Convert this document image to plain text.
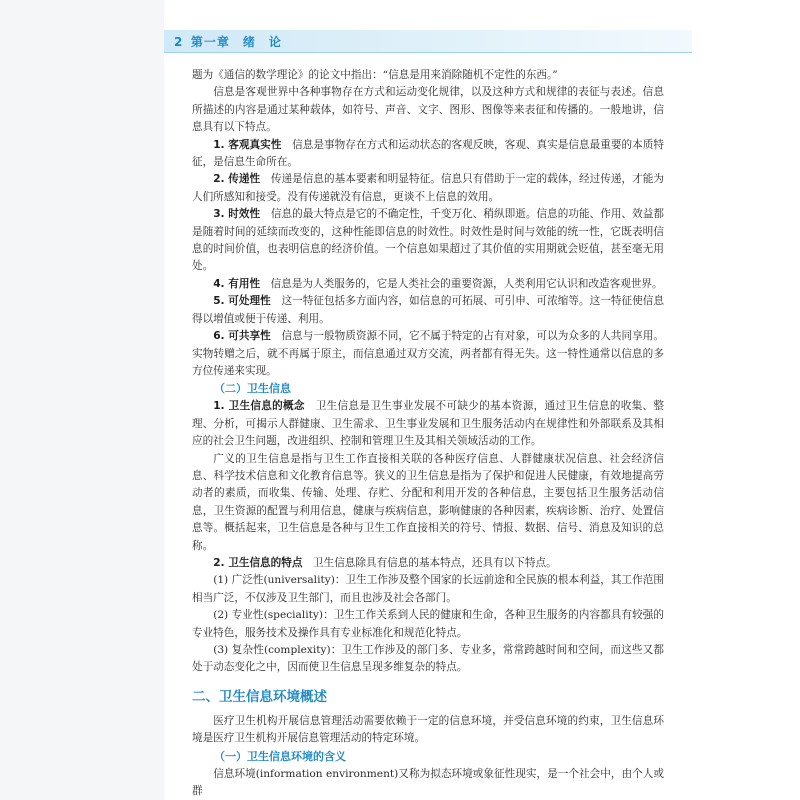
2 第一章　绪　论

题为《通信的数学理论》的论文中指出：“信息是用来消除随机不定性的东西。”

信息是客观世界中各种事物存在方式和运动变化规律，以及这种方式和规律的表征与表述。信息所描述的内容是通过某种载体，如符号、声音、文字、图形、图像等来表征和传播的。一般地讲，信息具有以下特点。

1. 客观真实性　 信息是事物存在方式和运动状态的客观反映，客观、真实是信息最重要的本质特征，是信息生命所在。

2. 传递性　 传递是信息的基本要素和明显特征。信息只有借助于一定的载体，经过传递，才能为人们所感知和接受。没有传递就没有信息，更谈不上信息的效用。

3. 时效性　 信息的最大特点是它的不确定性，千变万化、稍纵即逝。信息的功能、作用、效益都是随着时间的延续而改变的，这种性能即信息的时效性。时效性是时间与效能的统一性，它既表明信息的时间价值，也表明信息的经济价值。一个信息如果超过了其价值的实用期就会贬值，甚至毫无用处。

4. 有用性　 信息是为人类服务的，它是人类社会的重要资源，人类利用它认识和改造客观世界。

5. 可处理性　 这一特征包括多方面内容，如信息的可拓展、可引申、可浓缩等。这一特征使信息得以增值或便于传递、利用。

6. 可共享性　 信息与一般物质资源不同，它不属于特定的占有对象，可以为众多的人共同享用。实物转赠之后，就不再属于原主，而信息通过双方交流，两者都有得无失。这一特性通常以信息的多方位传递来实现。

（二）卫生信息

1. 卫生信息的概念　 卫生信息是卫生事业发展不可缺少的基本资源，通过卫生信息的收集、整理、分析，可揭示人群健康、卫生需求、卫生事业发展和卫生服务活动内在规律性和外部联系及其相应的社会卫生问题，改进组织、控制和管理卫生及其相关领域活动的工作。

广义的卫生信息是指与卫生工作直接相关联的各种医疗信息、人群健康状况信息、社会经济信息、科学技术信息和文化教育信息等。狭义的卫生信息是指为了保护和促进人民健康，有效地提高劳动者的素质，而收集、传输、处理、存贮、分配和利用开发的各种信息，主要包括卫生服务活动信息，卫生资源的配置与利用信息，健康与疾病信息，影响健康的各种因素，疾病诊断、治疗、处置信息等。概括起来，卫生信息是各种与卫生工作直接相关的符号、情报、数据、信号、消息及知识的总称。

2. 卫生信息的特点　 卫生信息除具有信息的基本特点，还具有以下特点。

(1) 广泛性(universality)：卫生工作涉及整个国家的长远前途和全民族的根本利益，其工作范围相当广泛，不仅涉及卫生部门，而且也涉及社会各部门。

(2) 专业性(speciality)：卫生工作关系到人民的健康和生命，各种卫生服务的内容都具有较强的专业特色，服务技术及操作具有专业标准化和规范化特点。

(3) 复杂性(complexity)：卫生工作涉及的部门多、专业多，常常跨越时间和空间，而这些又都处于动态变化之中，因而使卫生信息呈现多维复杂的特点。

二、卫生信息环境概述

医疗卫生机构开展信息管理活动需要依赖于一定的信息环境，并受信息环境的约束，卫生信息环境是医疗卫生机构开展信息管理活动的特定环境。

（一）卫生信息环境的含义

信息环境(information environment)又称为拟态环境或象征性现实，是一个社会中，由个人或群
